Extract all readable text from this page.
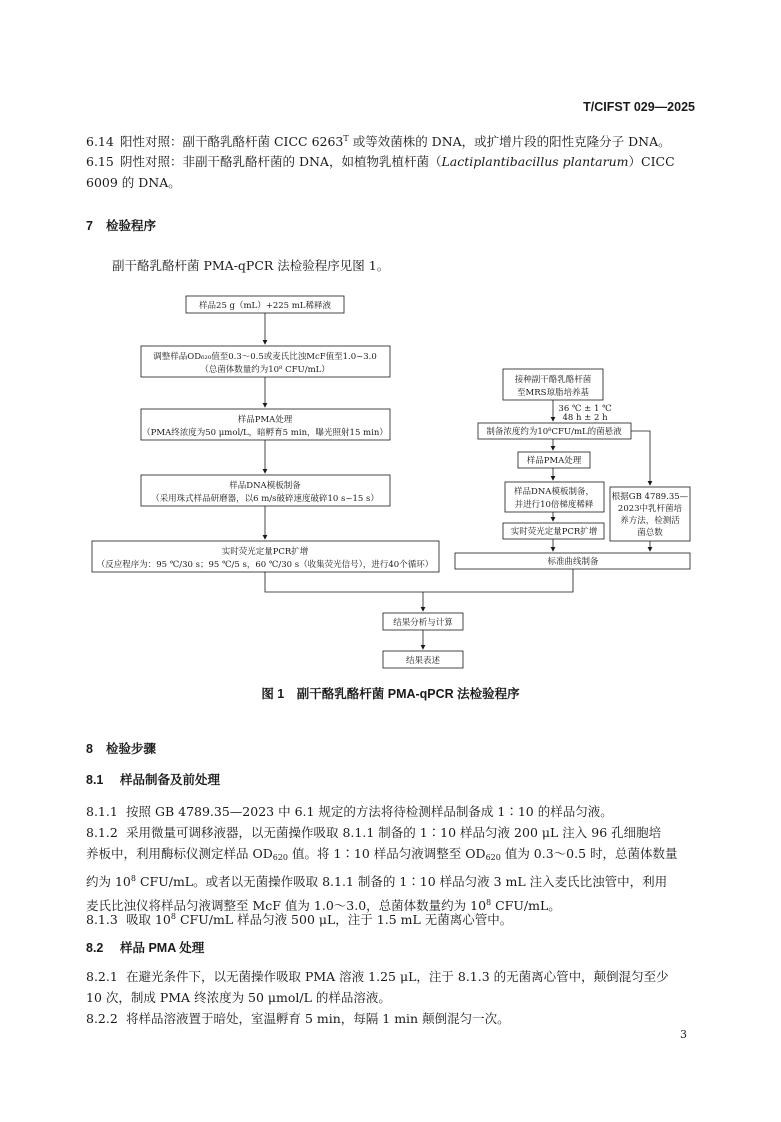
T/CIFST 029—2025
6.14 阳性对照：副干酪乳酪杆菌 CICC $6263^T$ 或等效菌株的 DNA，或扩增片段的阳性克隆分子 DNA。
6.15 阴性对照：非副干酪乳酪杆菌的 DNA，如植物乳植杆菌（Lactiplantibacillus plantarum）CICC
6009 的 DNA。
7 检验程序
副干酪乳酪杆菌 PMA-qPCR 法检验程序见图 1。
样品25 g（mL）+225 mL稀释液
调整样品OD₆₂₀值至0.3～0.5或麦氏比浊McF值至1.0~3.0
（总菌体数量约为10⁸ CFU/mL）
样品PMA处理
（PMA终浓度为50 μmol/L，暗孵育5 min，曝光照射15 min）
样品DNA模板制备
（采用珠式样品研磨器，以6 m/s破碎速度破碎10 s~15 s）
实时荧光定量PCR扩增
（反应程序为：95 ℃/30 s；95 ℃/5 s，60 ℃/30 s（收集荧光信号），进行40个循环）
接种副干酪乳酪杆菌
至MRS琼脂培养基
36 ℃ ± 1 ℃
48 h ± 2 h
制备浓度约为10⁸CFU/mL的菌悬液
样品PMA处理
样品DNA模板制备，
并进行10倍梯度稀释
根据GB 4789.35—
2023中乳杆菌培
养方法，检测活
菌总数
实时荧光定量PCR扩增
标准曲线制备
结果分析与计算
结果表述
图 1　副干酪乳酪杆菌 PMA-qPCR 法检验程序
8 检验步骤
8.1 样品制备及前处理
8.1.1 按照 GB 4789.35—2023 中 6.1 规定的方法将待检测样品制备成 1∶10 的样品匀液。
8.1.2 采用微量可调移液器，以无菌操作吸取 8.1.1 制备的 1∶10 样品匀液 200 μL 注入 96 孔细胞培
养板中，利用酶标仪测定样品 $OD_{620}$ 值。将 1∶10 样品匀液调整至 $OD_{620}$ 值为 0.3～0.5 时，总菌体数量
约为 $10^8$ CFU/mL。或者以无菌操作吸取 8.1.1 制备的 1∶10 样品匀液 3 mL 注入麦氏比浊管中，利用
麦氏比浊仪将样品匀液调整至 McF 值为 1.0～3.0，总菌体数量约为 $10^8$ CFU/mL。
8.1.3 吸取 $10^8$ CFU/mL 样品匀液 500 μL，注于 1.5 mL 无菌离心管中。
8.2 样品 PMA 处理
8.2.1 在避光条件下，以无菌操作吸取 PMA 溶液 1.25 μL，注于 8.1.3 的无菌离心管中，颠倒混匀至少
10 次，制成 PMA 终浓度为 50 μmol/L 的样品溶液。
8.2.2 将样品溶液置于暗处，室温孵育 5 min，每隔 1 min 颠倒混匀一次。
3
